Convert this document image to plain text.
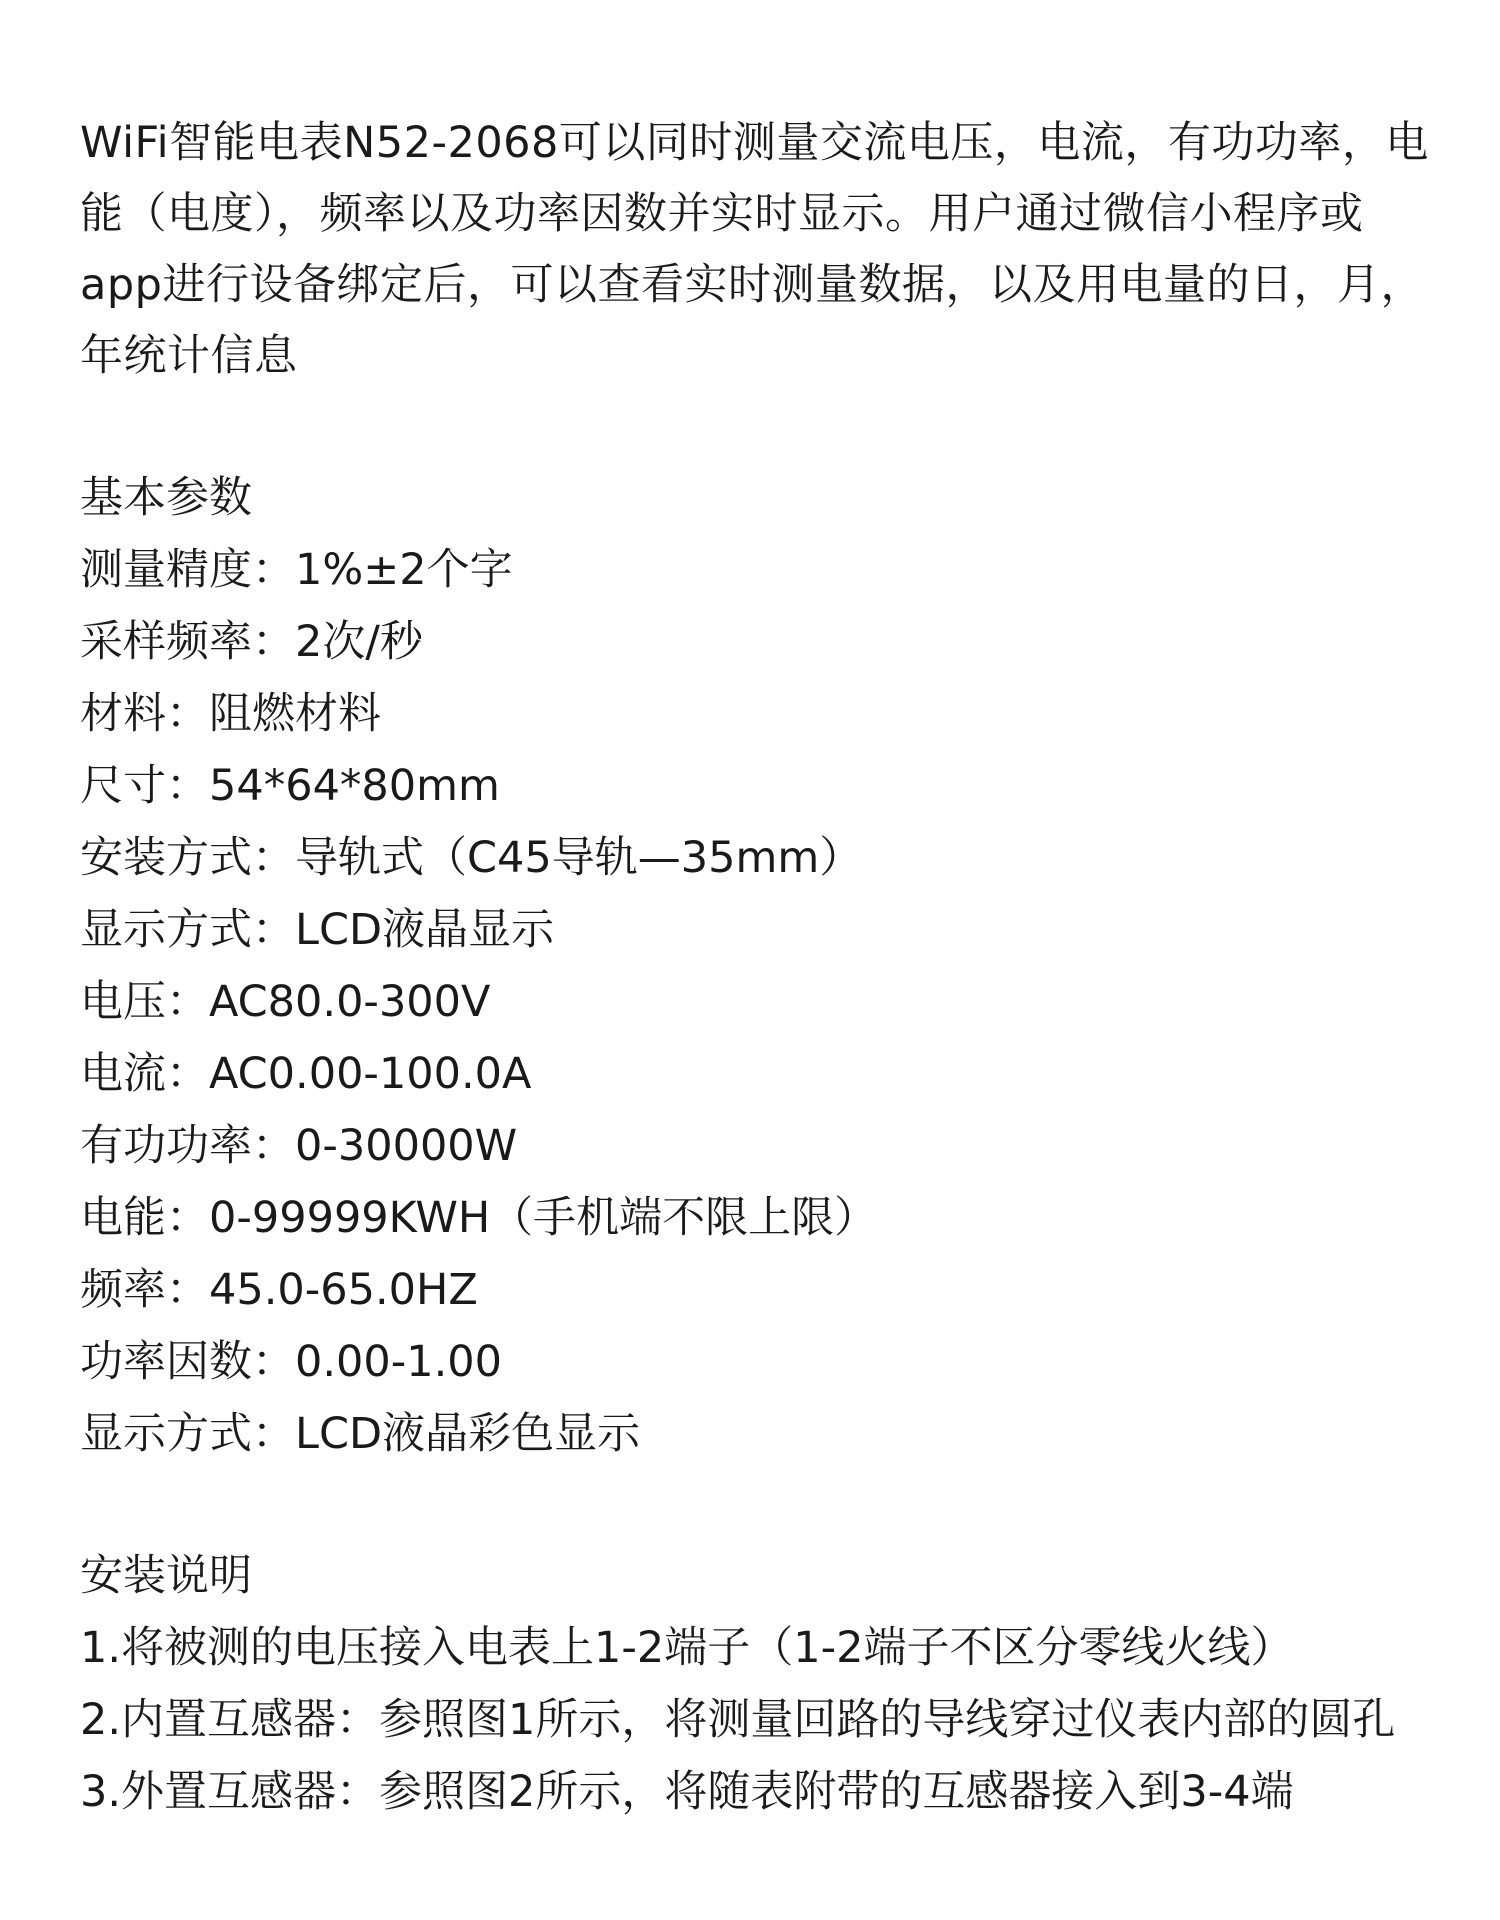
WiFi智能电表N52-2068可以同时测量交流电压，电流，有功功率，电能（电度），频率以及功率因数并实时显示。用户通过微信小程序或app进行设备绑定后，可以查看实时测量数据，以及用电量的日，月，年统计信息

基本参数

测量精度：1%±2个字

采样频率：2次/秒

材料：阻燃材料

尺寸：54*64*80mm

安装方式：导轨式（C45导轨—35mm）

显示方式：LCD液晶显示

电压：AC80.0-300V

电流：AC0.00-100.0A

有功功率：0-30000W

电能：0-99999KWH（手机端不限上限）

频率：45.0-65.0HZ

功率因数：0.00-1.00

显示方式：LCD液晶彩色显示

安装说明

1.将被测的电压接入电表上1-2端子（1-2端子不区分零线火线）

2.内置互感器：参照图1所示，将测量回路的导线穿过仪表内部的圆孔

3.外置互感器：参照图2所示，将随表附带的互感器接入到3-4端
